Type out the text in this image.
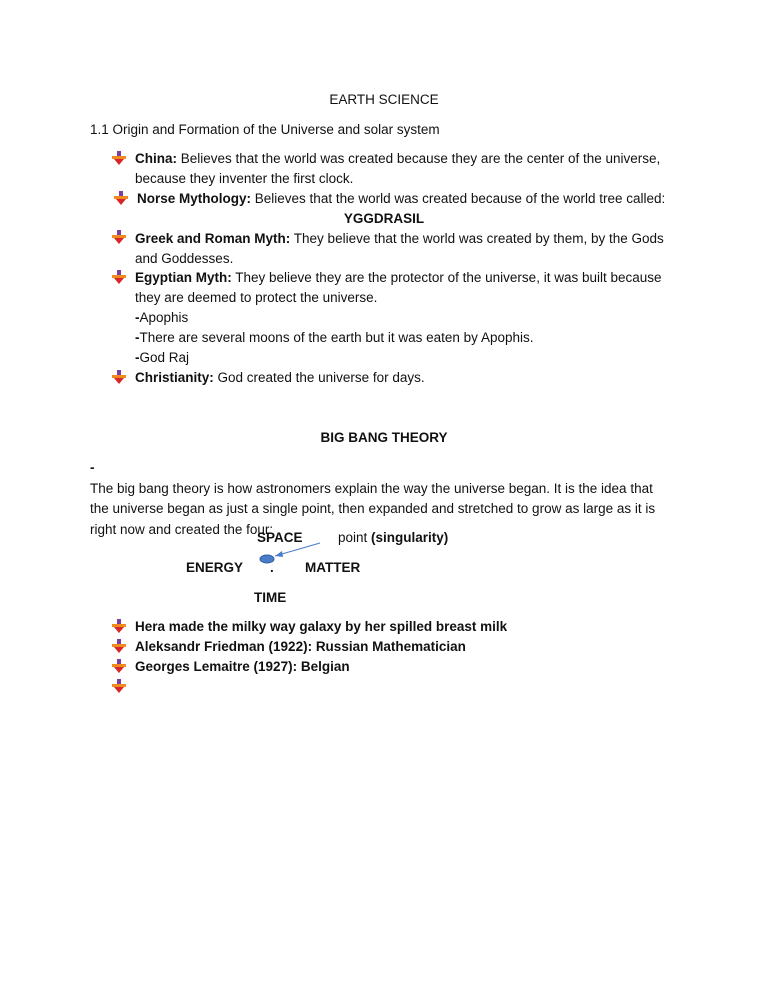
EARTH SCIENCE
1.1 Origin and Formation of the Universe and solar system
China: Believes that the world was created because they are the center of the universe,
because they inventer the first clock.
Norse Mythology: Believes that the world was created because of the world tree called:
YGGDRASIL
Greek and Roman Myth: They believe that the world was created by them, by the Gods
and Goddesses.
Egyptian Myth: They believe they are the protector of the universe, it was built because
they are deemed to protect the universe.
-Apophis
-There are several moons of the earth but it was eaten by Apophis.
-God Raj
Christianity: God created the universe for days.
BIG BANG THEORY
-
The big bang theory is how astronomers explain the way the universe began. It is the idea that
the universe began as just a single point, then expanded and stretched to grow as large as it is
right now and created the four:
SPACE	point (singularity)
ENERGY . MATTER
TIME
Hera made the milky way galaxy by her spilled breast milk
Aleksandr Friedman (1922): Russian Mathematician
Georges Lemaitre (1927): Belgian
